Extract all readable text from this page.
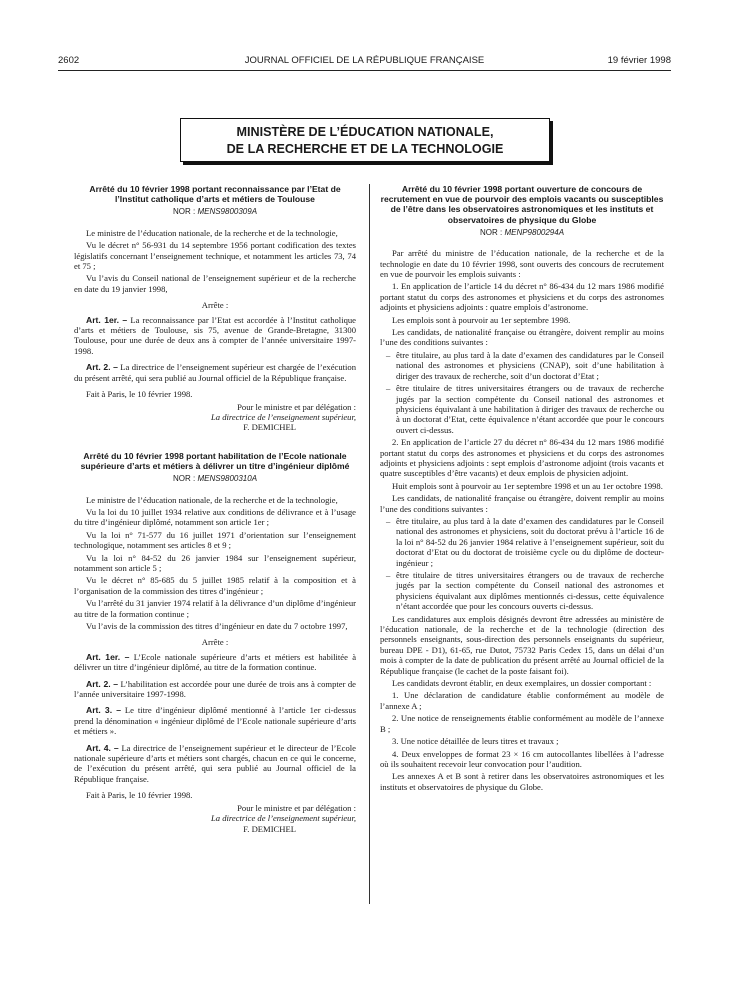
2602	JOURNAL OFFICIEL DE LA RÉPUBLIQUE FRANÇAISE	19 février 1998
MINISTÈRE DE L’ÉDUCATION NATIONALE,
DE LA RECHERCHE ET DE LA TECHNOLOGIE
Arrêté du 10 février 1998 portant reconnaissance par l’Etat de l’Institut catholique d’arts et métiers de Toulouse
NOR : MENS9800309A

Le ministre de l’éducation nationale, de la recherche et de la technologie,

Vu le décret n° 56-931 du 14 septembre 1956 portant codification des textes législatifs concernant l’enseignement technique, et notamment les articles 73, 74 et 75 ;

Vu l’avis du Conseil national de l’enseignement supérieur et de la recherche en date du 19 janvier 1998,

Arrête :

Art. 1er. – La reconnaissance par l’Etat est accordée à l’Institut catholique d’arts et métiers de Toulouse, sis 75, avenue de Grande-Bretagne, 31300 Toulouse, pour une durée de deux ans à compter de l’année universitaire 1997-1998.

Art. 2. – La directrice de l’enseignement supérieur est chargée de l’exécution du présent arrêté, qui sera publié au Journal officiel de la République française.

Fait à Paris, le 10 février 1998.

Pour le ministre et par délégation :

La directrice de l’enseignement supérieur,

F. DEMICHEL

Arrêté du 10 février 1998 portant habilitation de l’Ecole nationale supérieure d’arts et métiers à délivrer un titre d’ingénieur diplômé
NOR : MENS9800310A

Le ministre de l’éducation nationale, de la recherche et de la technologie,

Vu la loi du 10 juillet 1934 relative aux conditions de délivrance et à l’usage du titre d’ingénieur diplômé, notamment son article 1er ;

Vu la loi n° 71-577 du 16 juillet 1971 d’orientation sur l’enseignement technologique, notamment ses articles 8 et 9 ;

Vu la loi n° 84-52 du 26 janvier 1984 sur l’enseignement supérieur, notamment son article 5 ;

Vu le décret n° 85-685 du 5 juillet 1985 relatif à la composition et à l’organisation de la commission des titres d’ingénieur ;

Vu l’arrêté du 31 janvier 1974 relatif à la délivrance d’un diplôme d’ingénieur au titre de la formation continue ;

Vu l’avis de la commission des titres d’ingénieur en date du 7 octobre 1997,

Arrête :

Art. 1er. – L’Ecole nationale supérieure d’arts et métiers est habilitée à délivrer un titre d’ingénieur diplômé, au titre de la formation continue.

Art. 2. – L’habilitation est accordée pour une durée de trois ans à compter de l’année universitaire 1997-1998.

Art. 3. – Le titre d’ingénieur diplômé mentionné à l’article 1er ci-dessus prend la dénomination « ingénieur diplômé de l’Ecole nationale supérieure d’arts et métiers ».

Art. 4. – La directrice de l’enseignement supérieur et le directeur de l’Ecole nationale supérieure d’arts et métiers sont chargés, chacun en ce qui le concerne, de l’exécution du présent arrêté, qui sera publié au Journal officiel de la République française.

Fait à Paris, le 10 février 1998.

Pour le ministre et par délégation :

La directrice de l’enseignement supérieur,

F. DEMICHEL

Arrêté du 10 février 1998 portant ouverture de concours de recrutement en vue de pourvoir des emplois vacants ou susceptibles de l’être dans les observatoires astronomiques et les instituts et observatoires de physique du Globe
NOR : MENP9800294A

Par arrêté du ministre de l’éducation nationale, de la recherche et de la technologie en date du 10 février 1998, sont ouverts des concours de recrutement en vue de pourvoir les emplois suivants :

1. En application de l’article 14 du décret n° 86-434 du 12 mars 1986 modifié portant statut du corps des astronomes et physiciens et du corps des astronomes adjoints et physiciens adjoints : quatre emplois d’astronome.

Les emplois sont à pourvoir au 1er septembre 1998.

Les candidats, de nationalité française ou étrangère, doivent remplir au moins l’une des conditions suivantes :

– être titulaire, au plus tard à la date d’examen des candidatures par le Conseil national des astronomes et physiciens (CNAP), soit d’une habilitation à diriger des travaux de recherche, soit d’un doctorat d’Etat ;

– être titulaire de titres universitaires étrangers ou de travaux de recherche jugés par la section compétente du Conseil national des astronomes et physiciens équivalant à une habilitation à diriger des travaux de recherche ou à un doctorat d’Etat, cette équivalence n’étant accordée que pour le concours ouvert ci-dessus.

2. En application de l’article 27 du décret n° 86-434 du 12 mars 1986 modifié portant statut du corps des astronomes et physiciens et du corps des astronomes adjoints et physiciens adjoints : sept emplois d’astronome adjoint (trois vacants et quatre susceptibles d’être vacants) et deux emplois de physicien adjoint.

Huit emplois sont à pourvoir au 1er septembre 1998 et un au 1er octobre 1998.

Les candidats, de nationalité française ou étrangère, doivent remplir au moins l’une des conditions suivantes :

– être titulaire, au plus tard à la date d’examen des candidatures par le Conseil national des astronomes et physiciens, soit du doctorat prévu à l’article 16 de la loi n° 84-52 du 26 janvier 1984 relative à l’enseignement supérieur, soit du doctorat d’Etat ou du doctorat de troisième cycle ou du diplôme de docteur-ingénieur ;

– être titulaire de titres universitaires étrangers ou de travaux de recherche jugés par la section compétente du Conseil national des astronomes et physiciens équivalant aux diplômes mentionnés ci-dessus, cette équivalence n’étant accordée que pour les concours ouverts ci-dessus.

Les candidatures aux emplois désignés devront être adressées au ministère de l’éducation nationale, de la recherche et de la technologie (direction des personnels enseignants, sous-direction des personnels enseignants du supérieur, bureau DPE - D1), 61-65, rue Dutot, 75732 Paris Cedex 15, dans un délai d’un mois à compter de la date de publication du présent arrêté au Journal officiel de la République française (le cachet de la poste faisant foi).

Les candidats devront établir, en deux exemplaires, un dossier comportant :

1. Une déclaration de candidature établie conformément au modèle de l’annexe A ;

2. Une notice de renseignements établie conformément au modèle de l’annexe B ;

3. Une notice détaillée de leurs titres et travaux ;

4. Deux enveloppes de format 23 × 16 cm autocollantes libellées à l’adresse où ils souhaitent recevoir leur convocation pour l’audition.

Les annexes A et B sont à retirer dans les observatoires astronomiques et les instituts et observatoires de physique du Globe.
